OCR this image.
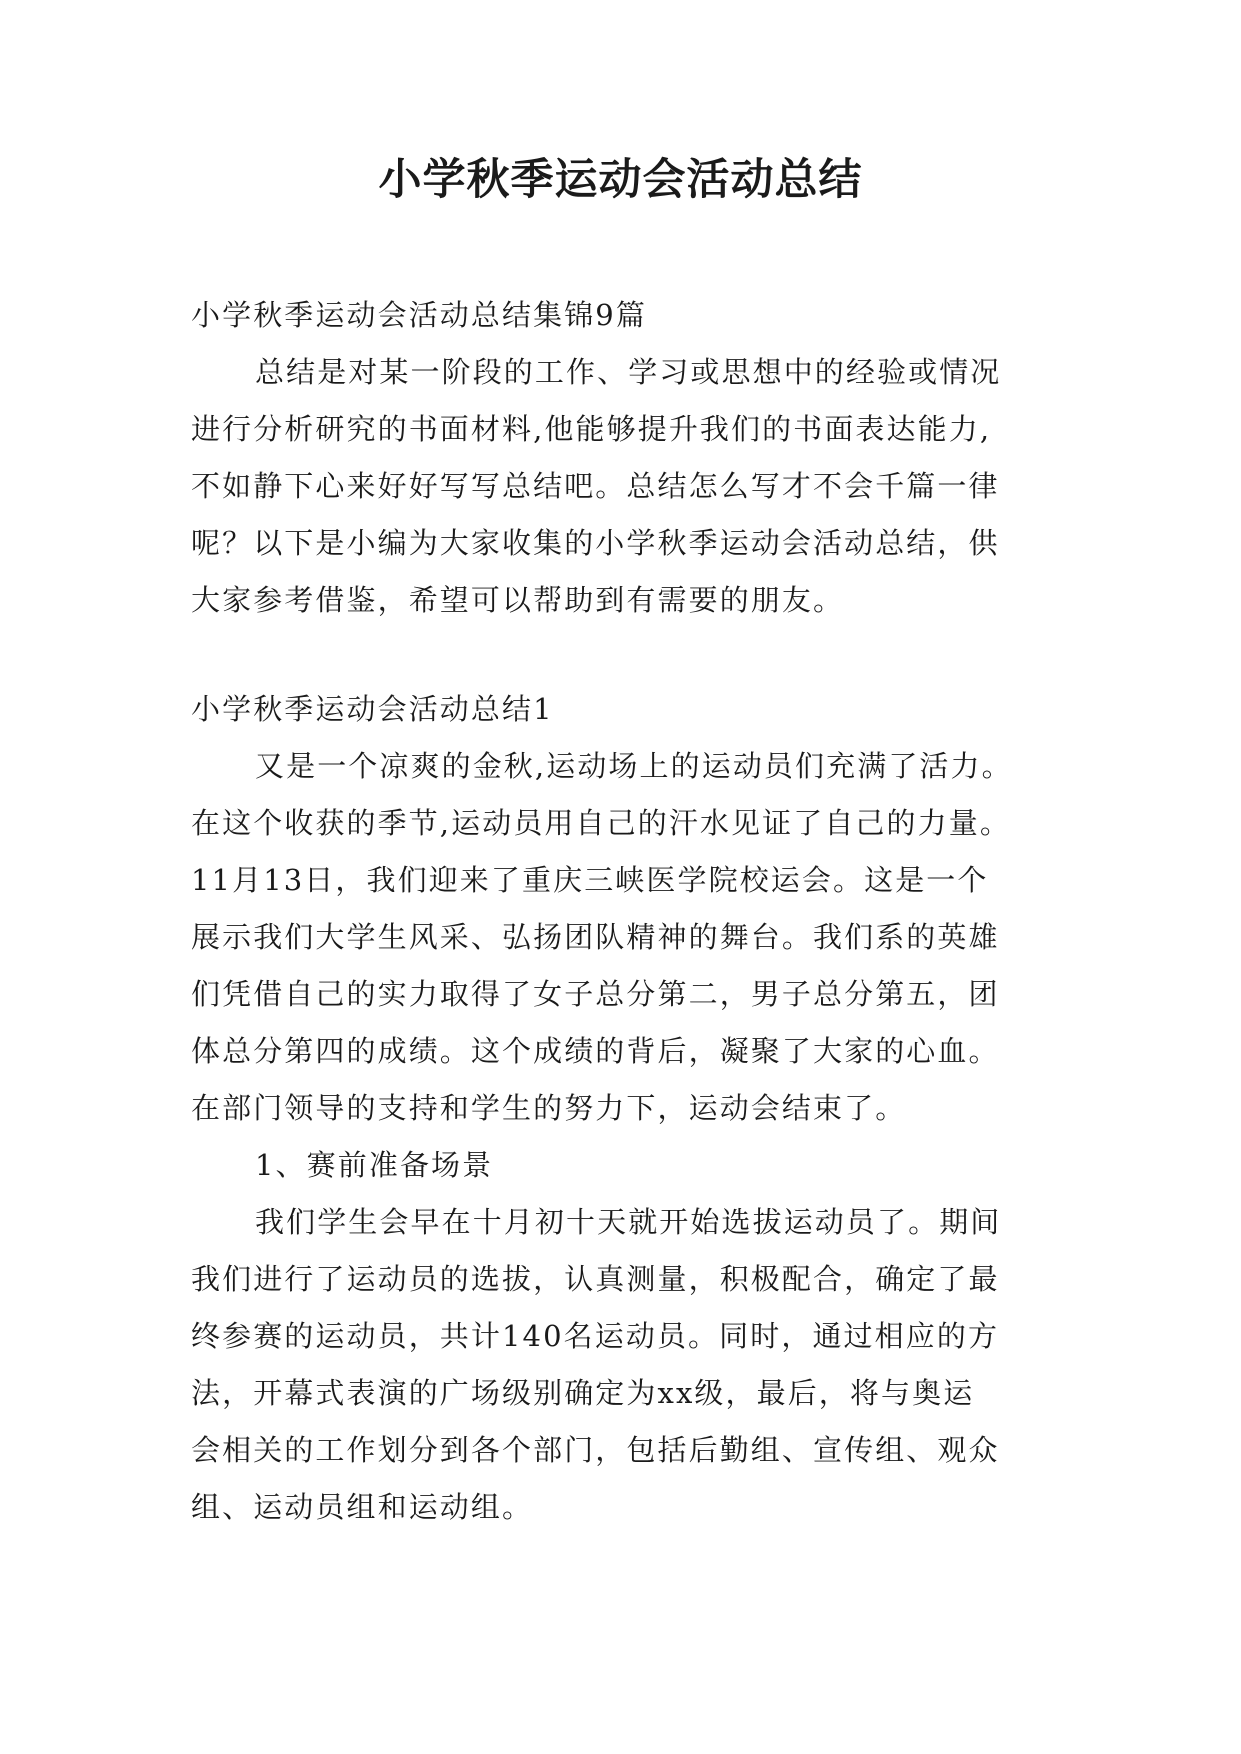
小学秋季运动会活动总结
小学秋季运动会活动总结集锦9篇
总结是对某一阶段的工作、学习或思想中的经验或情况
进行分析研究的书面材料,他能够提升我们的书面表达能力,
不如静下心来好好写写总结吧。总结怎么写才不会千篇一律
呢？以下是小编为大家收集的小学秋季运动会活动总结，供
大家参考借鉴，希望可以帮助到有需要的朋友。
小学秋季运动会活动总结1
又是一个凉爽的金秋,运动场上的运动员们充满了活力。
在这个收获的季节,运动员用自己的汗水见证了自己的力量。
11月13日，我们迎来了重庆三峡医学院校运会。这是一个
展示我们大学生风采、弘扬团队精神的舞台。我们系的英雄
们凭借自己的实力取得了女子总分第二，男子总分第五，团
体总分第四的成绩。这个成绩的背后，凝聚了大家的心血。
在部门领导的支持和学生的努力下，运动会结束了。
1、赛前准备场景
我们学生会早在十月初十天就开始选拔运动员了。期间
我们进行了运动员的选拔，认真测量，积极配合，确定了最
终参赛的运动员，共计140名运动员。同时，通过相应的方
法，开幕式表演的广场级别确定为xx级，最后，将与奥运
会相关的工作划分到各个部门，包括后勤组、宣传组、观众
组、运动员组和运动组。
